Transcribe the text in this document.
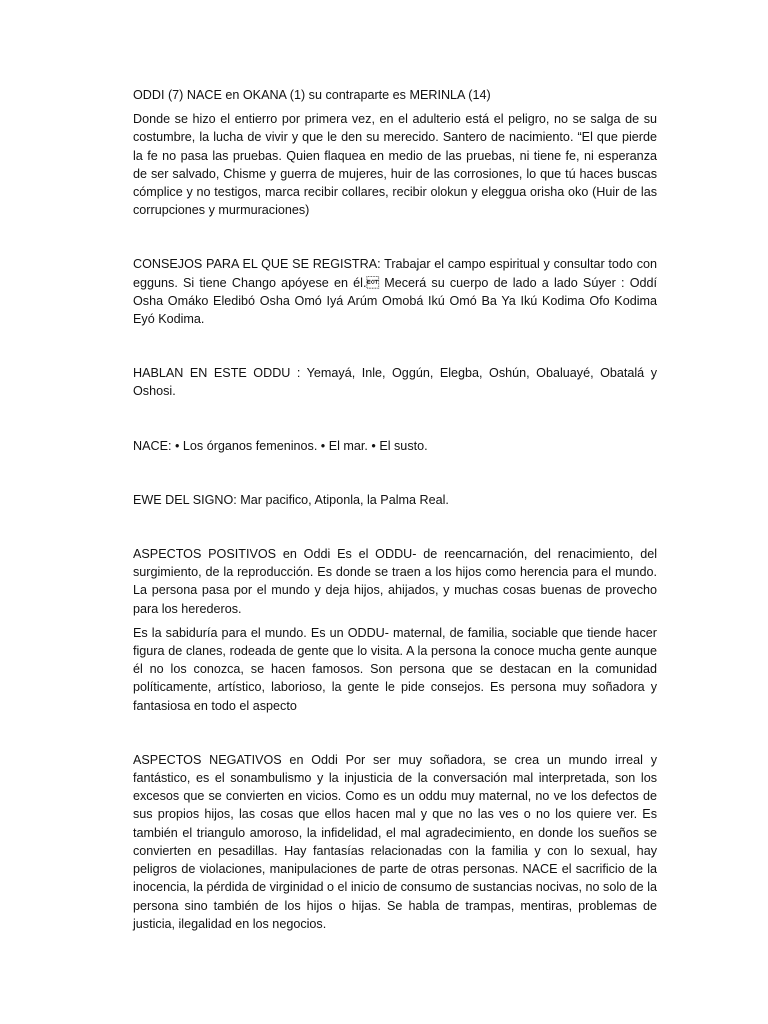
ODDI (7) NACE en OKANA (1) su contraparte es MERINLA (14)

Donde se hizo el entierro por primera vez, en el adulterio está el peligro, no se salga de su costumbre, la lucha de vivir y que le den su merecido. Santero de nacimiento. “El que pierde la fe no pasa las pruebas. Quien flaquea en medio de las pruebas, ni tiene fe, ni esperanza de ser salvado, Chisme y guerra de mujeres, huir de las corrosiones, lo que tú haces buscas cómplice y no testigos, marca recibir collares, recibir olokun y eleggua orisha oko (Huir de las corrupciones y murmuraciones)

CONSEJOS PARA EL QUE SE REGISTRA: Trabajar el campo espiritual y consultar todo con egguns. Si tiene Chango apóyese en él. Mecerá su cuerpo de lado a lado Súyer : Oddí Osha Omáko Eledibó Osha Omó Iyá Arúm Omobá Ikú Omó Ba Ya Ikú Kodima Ofo Kodima Eyó Kodima.

HABLAN EN ESTE ODDU : Yemayá, Inle, Oggún, Elegba, Oshún, Obaluayé, Obatalá y Oshosi.

NACE: • Los órganos femeninos. • El mar. • El susto.

EWE DEL SIGNO: Mar pacifico, Atiponla, la Palma Real.

ASPECTOS POSITIVOS en Oddi Es el ODDU- de reencarnación, del renacimiento, del surgimiento, de la reproducción. Es donde se traen a los hijos como herencia para el mundo. La persona pasa por el mundo y deja hijos, ahijados, y muchas cosas buenas de provecho para los herederos.

Es la sabiduría para el mundo. Es un ODDU- maternal, de familia, sociable que tiende hacer figura de clanes, rodeada de gente que lo visita. A la persona la conoce mucha gente aunque él no los conozca, se hacen famosos. Son persona que se destacan en la comunidad políticamente, artístico, laborioso, la gente le pide consejos. Es persona muy soñadora y fantasiosa en todo el aspecto

ASPECTOS NEGATIVOS en Oddi Por ser muy soñadora, se crea un mundo irreal y fantástico, es el sonambulismo y la injusticia de la conversación mal interpretada, son los excesos que se convierten en vicios. Como es un oddu muy maternal, no ve los defectos de sus propios hijos, las cosas que ellos hacen mal y que no las ves o no los quiere ver. Es también el triangulo amoroso, la infidelidad, el mal agradecimiento, en donde los sueños se convierten en pesadillas. Hay fantasías relacionadas con la familia y con lo sexual, hay peligros de violaciones, manipulaciones de parte de otras personas. NACE el sacrificio de la inocencia, la pérdida de virginidad o el inicio de consumo de sustancias nocivas, no solo de la persona sino también de los hijos o hijas. Se habla de trampas, mentiras, problemas de justicia, ilegalidad en los negocios.
